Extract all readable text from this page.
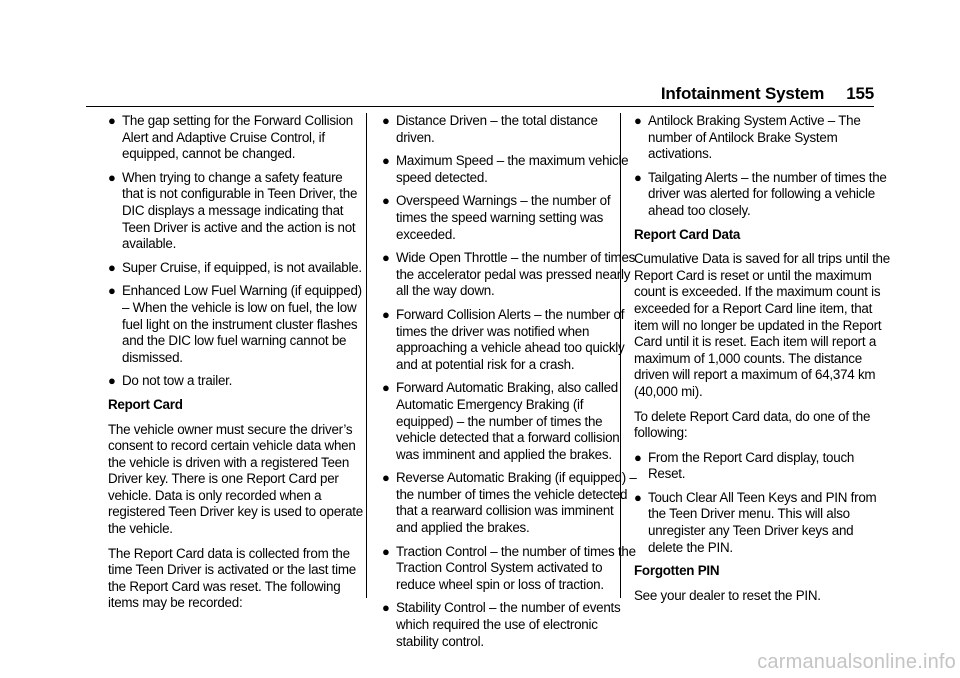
Infotainment System 155
● The gap setting for the Forward Collision Alert and Adaptive Cruise Control, if equipped, cannot be changed.
● When trying to change a safety feature that is not configurable in Teen Driver, the DIC displays a message indicating that Teen Driver is active and the action is not available.
● Super Cruise, if equipped, is not available.
● Enhanced Low Fuel Warning (if equipped) – When the vehicle is low on fuel, the low fuel light on the instrument cluster flashes and the DIC low fuel warning cannot be dismissed.
● Do not tow a trailer.
Report Card

The vehicle owner must secure the driver’s consent to record certain vehicle data when the vehicle is driven with a registered Teen Driver key. There is one Report Card per vehicle. Data is only recorded when a registered Teen Driver key is used to operate the vehicle.

The Report Card data is collected from the time Teen Driver is activated or the last time the Report Card was reset. The following items may be recorded:

● Distance Driven – the total distance driven.
● Maximum Speed – the maximum vehicle speed detected.
● Overspeed Warnings – the number of times the speed warning setting was exceeded.
● Wide Open Throttle – the number of times the accelerator pedal was pressed nearly all the way down.
● Forward Collision Alerts – the number of times the driver was notified when approaching a vehicle ahead too quickly and at potential risk for a crash.
● Forward Automatic Braking, also called Automatic Emergency Braking (if equipped) – the number of times the vehicle detected that a forward collision was imminent and applied the brakes.
● Reverse Automatic Braking (if equipped) – the number of times the vehicle detected that a rearward collision was imminent and applied the brakes.
● Traction Control – the number of times the Traction Control System activated to reduce wheel spin or loss of traction.
● Stability Control – the number of events which required the use of electronic stability control.
● Antilock Braking System Active – The number of Antilock Brake System activations.
● Tailgating Alerts – the number of times the driver was alerted for following a vehicle ahead too closely.
Report Card Data

Cumulative Data is saved for all trips until the Report Card is reset or until the maximum count is exceeded. If the maximum count is exceeded for a Report Card line item, that item will no longer be updated in the Report Card until it is reset. Each item will report a maximum of 1,000 counts. The distance driven will report a maximum of 64,374 km (40,000 mi).

To delete Report Card data, do one of the following:

● From the Report Card display, touch Reset.
● Touch Clear All Teen Keys and PIN from the Teen Driver menu. This will also unregister any Teen Driver keys and delete the PIN.
Forgotten PIN

See your dealer to reset the PIN.

carmanualsonline.info
